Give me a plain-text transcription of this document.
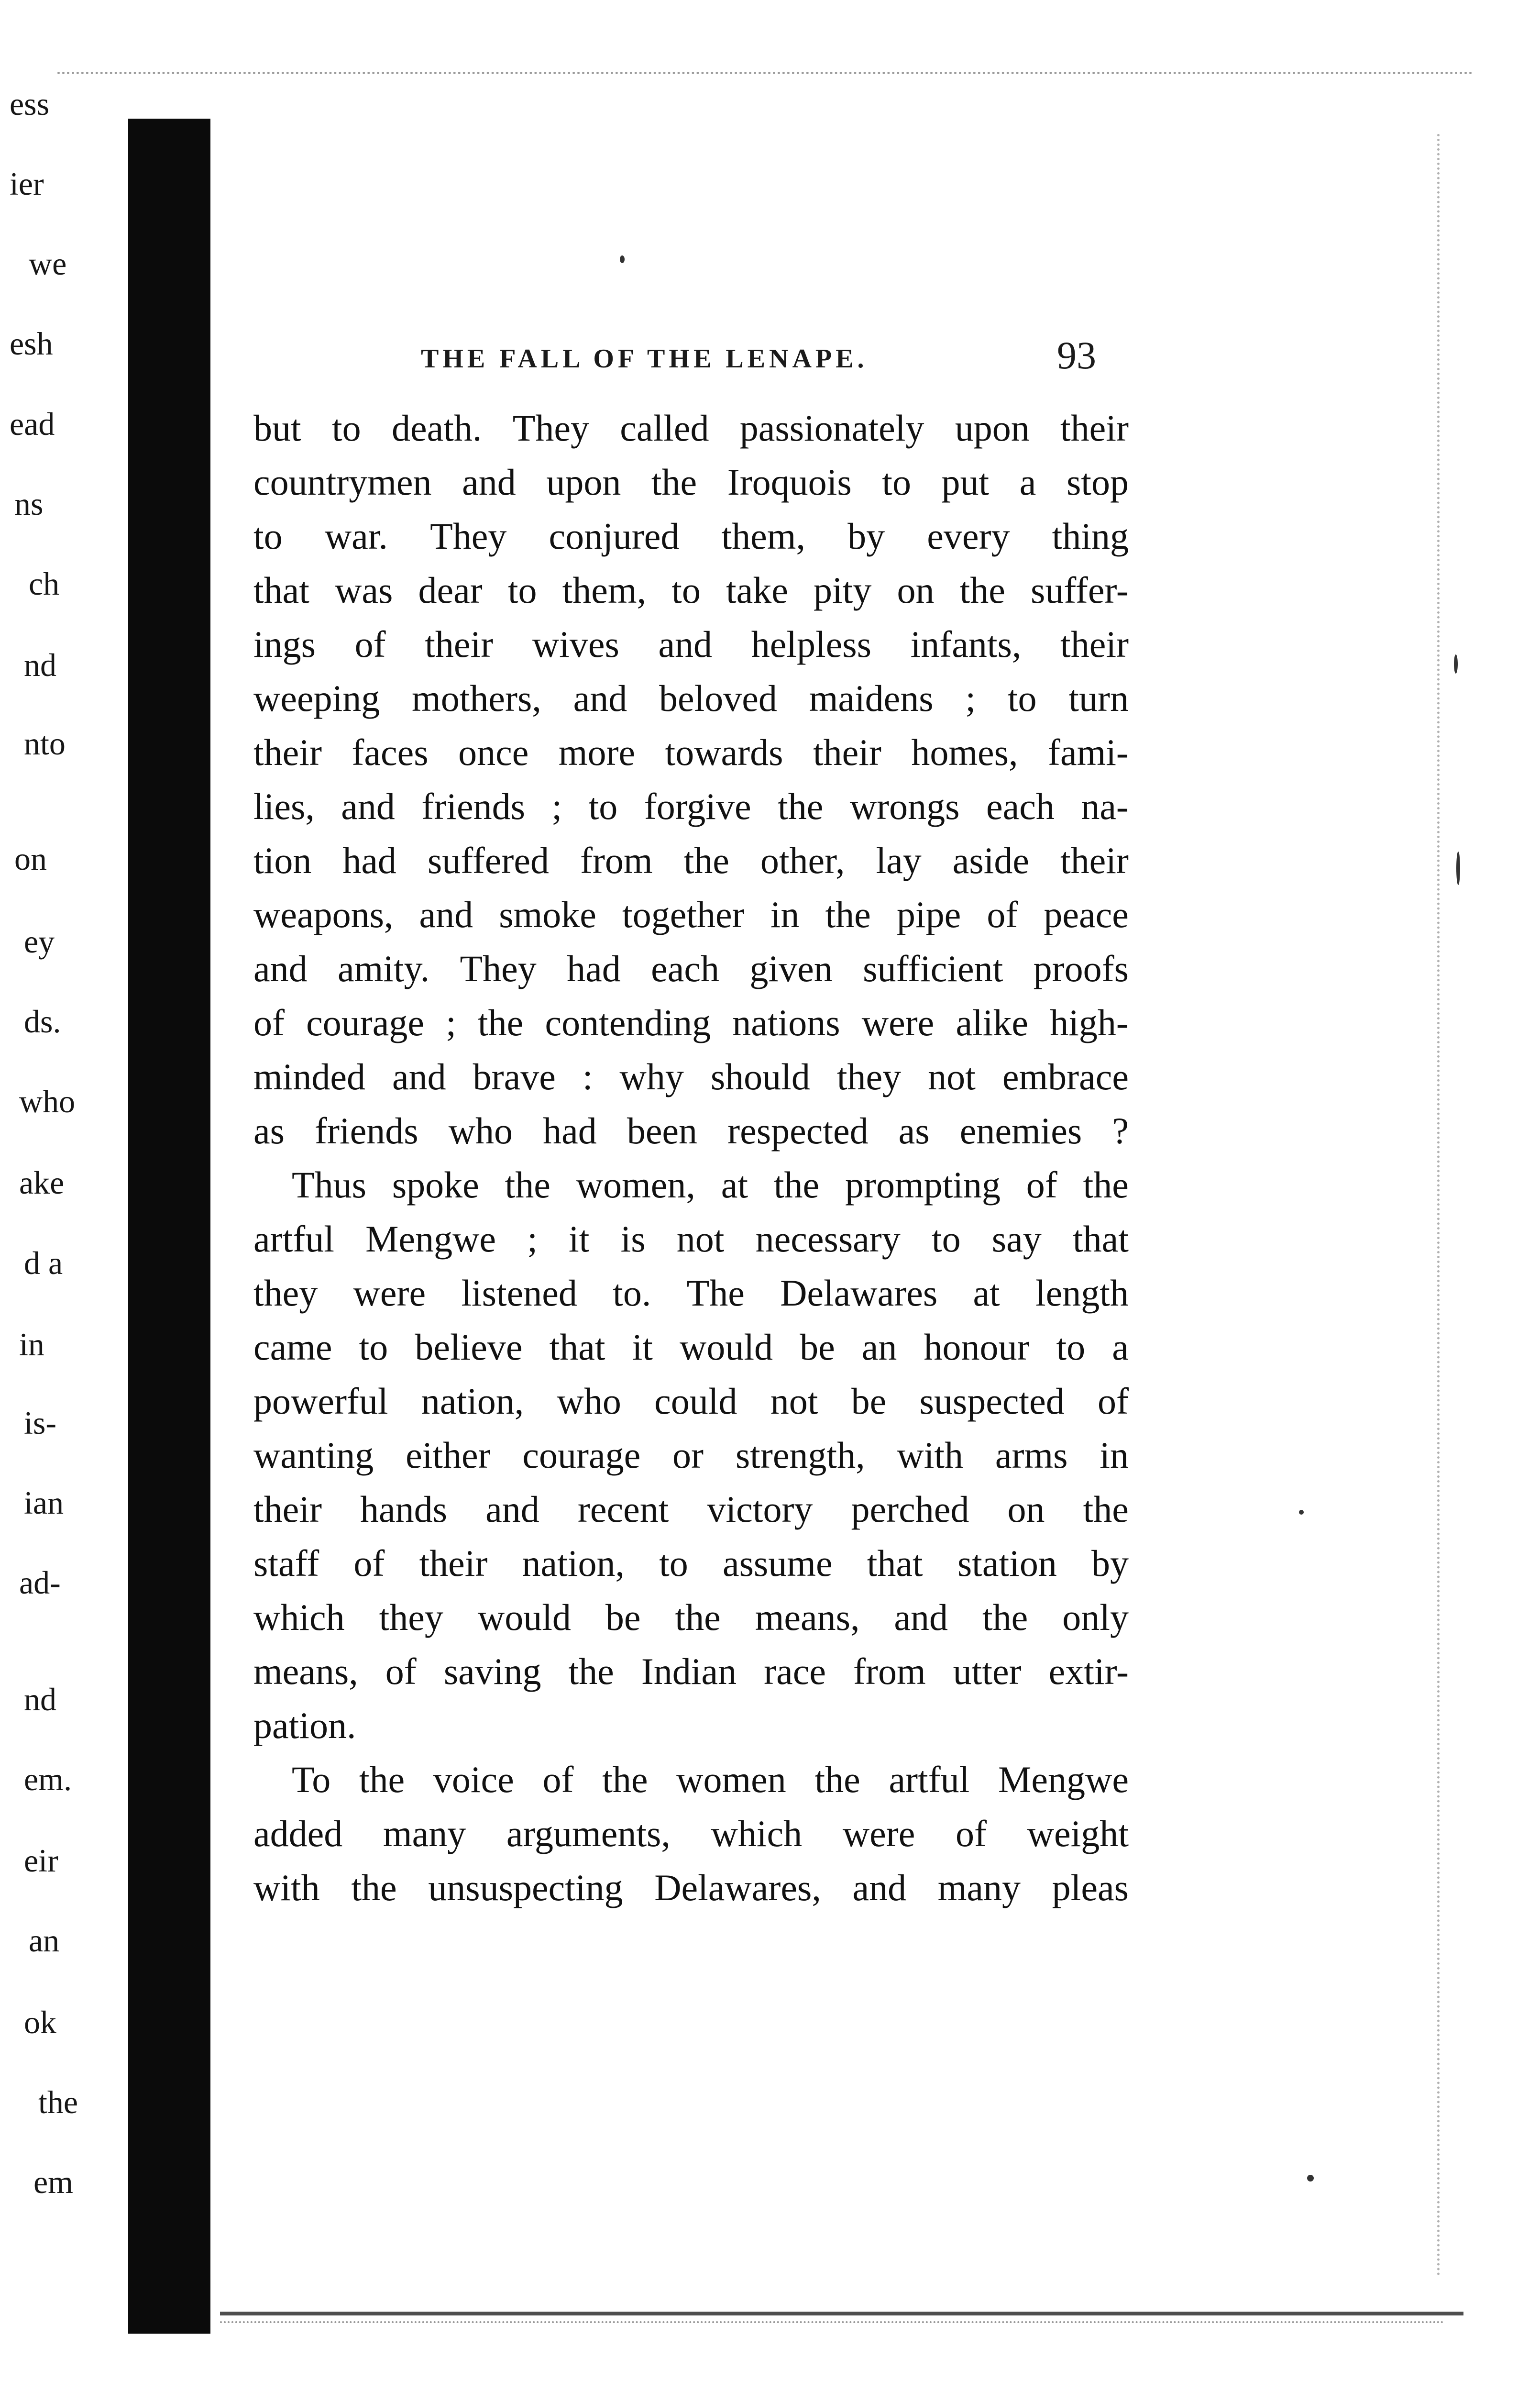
ess
ier
we
esh
ead
ns
ch
nd
nto
on
ey
ds.
who
ake
d a
in
is-
ian
ad-
nd
em.
eir
an
ok
the
em
THE FALL OF THE LENAPE.	93
but to death. They called passionately upon their
countrymen and upon the Iroquois to put a stop
to war. They conjured them, by every thing
that was dear to them, to take pity on the suffer-
ings of their wives and helpless infants, their
weeping mothers, and beloved maidens ; to turn
their faces once more towards their homes, fami-
lies, and friends ; to forgive the wrongs each na-
tion had suffered from the other, lay aside their
weapons, and smoke together in the pipe of peace
and amity. They had each given sufficient proofs
of courage ; the contending nations were alike high-
minded and brave : why should they not embrace
as friends who had been respected as enemies ?
Thus spoke the women, at the prompting of the
artful Mengwe ; it is not necessary to say that
they were listened to. The Delawares at length
came to believe that it would be an honour to a
powerful nation, who could not be suspected of
wanting either courage or strength, with arms in
their hands and recent victory perched on the
staff of their nation, to assume that station by
which they would be the means, and the only
means, of saving the Indian race from utter extir-
pation.
To the voice of the women the artful Mengwe
added many arguments, which were of weight
with the unsuspecting Delawares, and many pleas
